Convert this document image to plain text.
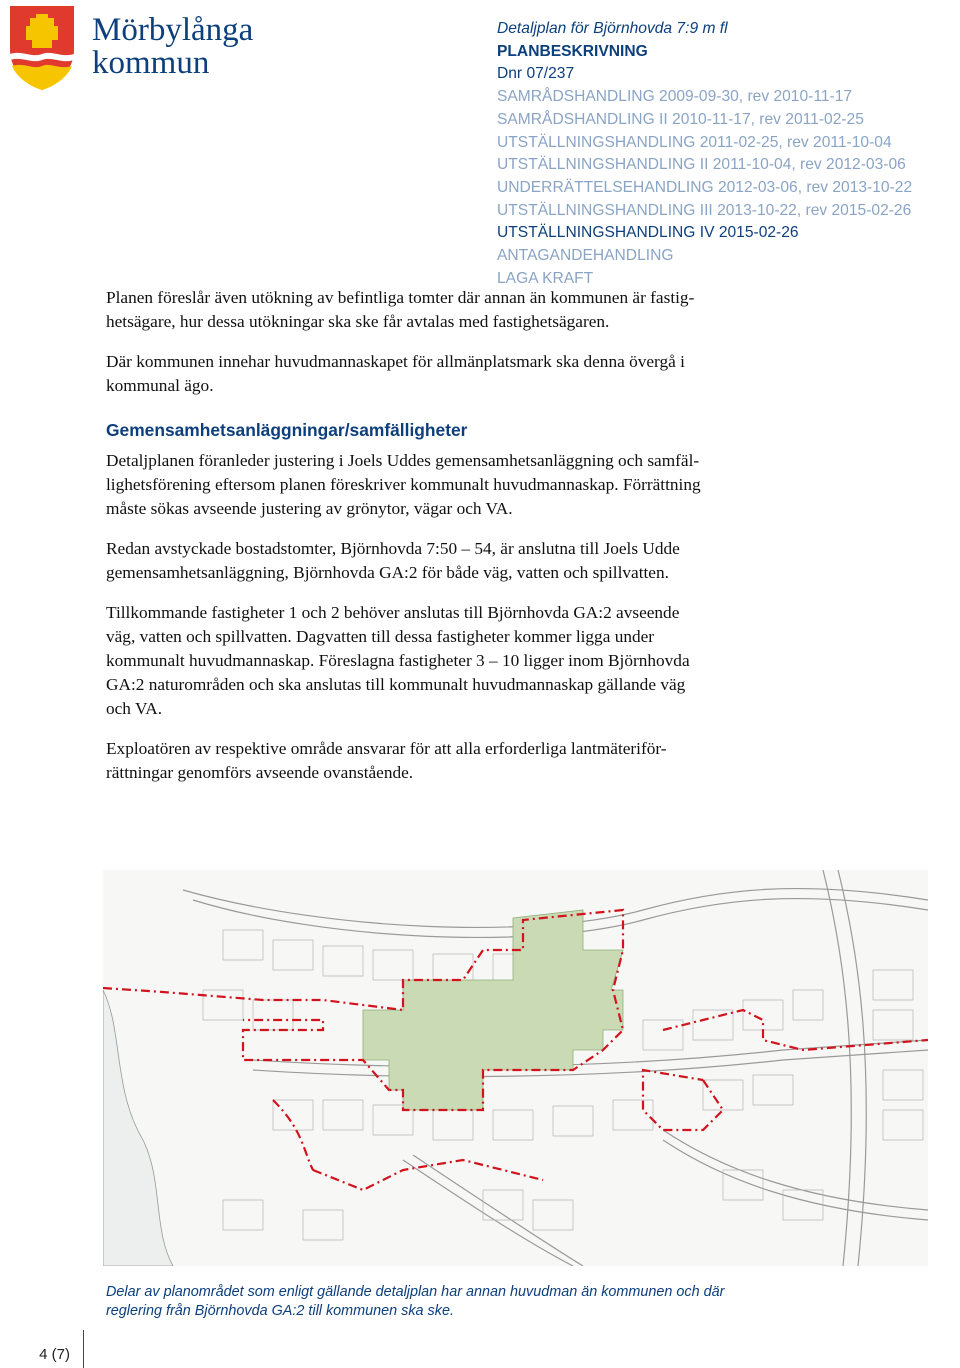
Mörbylånga
kommun
Detaljplan för Björnhovda 7:9 m fl
PLANBESKRIVNING
Dnr 07/237
SAMRÅDSHANDLING 2009-09-30, rev 2010-11-17
SAMRÅDSHANDLING II 2010-11-17, rev 2011-02-25
UTSTÄLLNINGSHANDLING 2011-02-25, rev 2011-10-04
UTSTÄLLNINGSHANDLING II 2011-10-04, rev 2012-03-06
UNDERRÄTTELSEHANDLING 2012-03-06, rev 2013-10-22
UTSTÄLLNINGSHANDLING III 2013-10-22, rev 2015-02-26
UTSTÄLLNINGSHANDLING IV 2015-02-26
ANTAGANDEHANDLING
LAGA KRAFT

Planen föreslår även utökning av befintliga tomter där annan än kommunen är fastig-
hetsägare, hur dessa utökningar ska ske får avtalas med fastighetsägaren.

Där kommunen innehar huvudmannaskapet för allmänplatsmark ska denna övergå i
kommunal ägo.

Gemensamhetsanläggningar/samfälligheter

Detaljplanen föranleder justering i Joels Uddes gemensamhetsanläggning och samfäl-
lighetsförening eftersom planen föreskriver kommunalt huvudmannaskap. Förrättning
måste sökas avseende justering av grönytor, vägar och VA.

Redan avstyckade bostadstomter, Björnhovda 7:50 – 54, är anslutna till Joels Udde
gemensamhetsanläggning, Björnhovda GA:2 för både väg, vatten och spillvatten.

Tillkommande fastigheter 1 och 2 behöver anslutas till Björnhovda GA:2 avseende
väg, vatten och spillvatten. Dagvatten till dessa fastigheter kommer ligga under
kommunalt huvudmannaskap. Föreslagna fastigheter 3 – 10 ligger inom Björnhovda
GA:2 naturområden och ska anslutas till kommunalt huvudmannaskap gällande väg
och VA.

Exploatören av respektive område ansvarar för att alla erforderliga lantmäteriför-
rättningar genomförs avseende ovanstående.

Delar av planområdet som enligt gällande detaljplan har annan huvudman än kommunen och där
reglering från Björnhovda GA:2 till kommunen ska ske.
4 (7)
